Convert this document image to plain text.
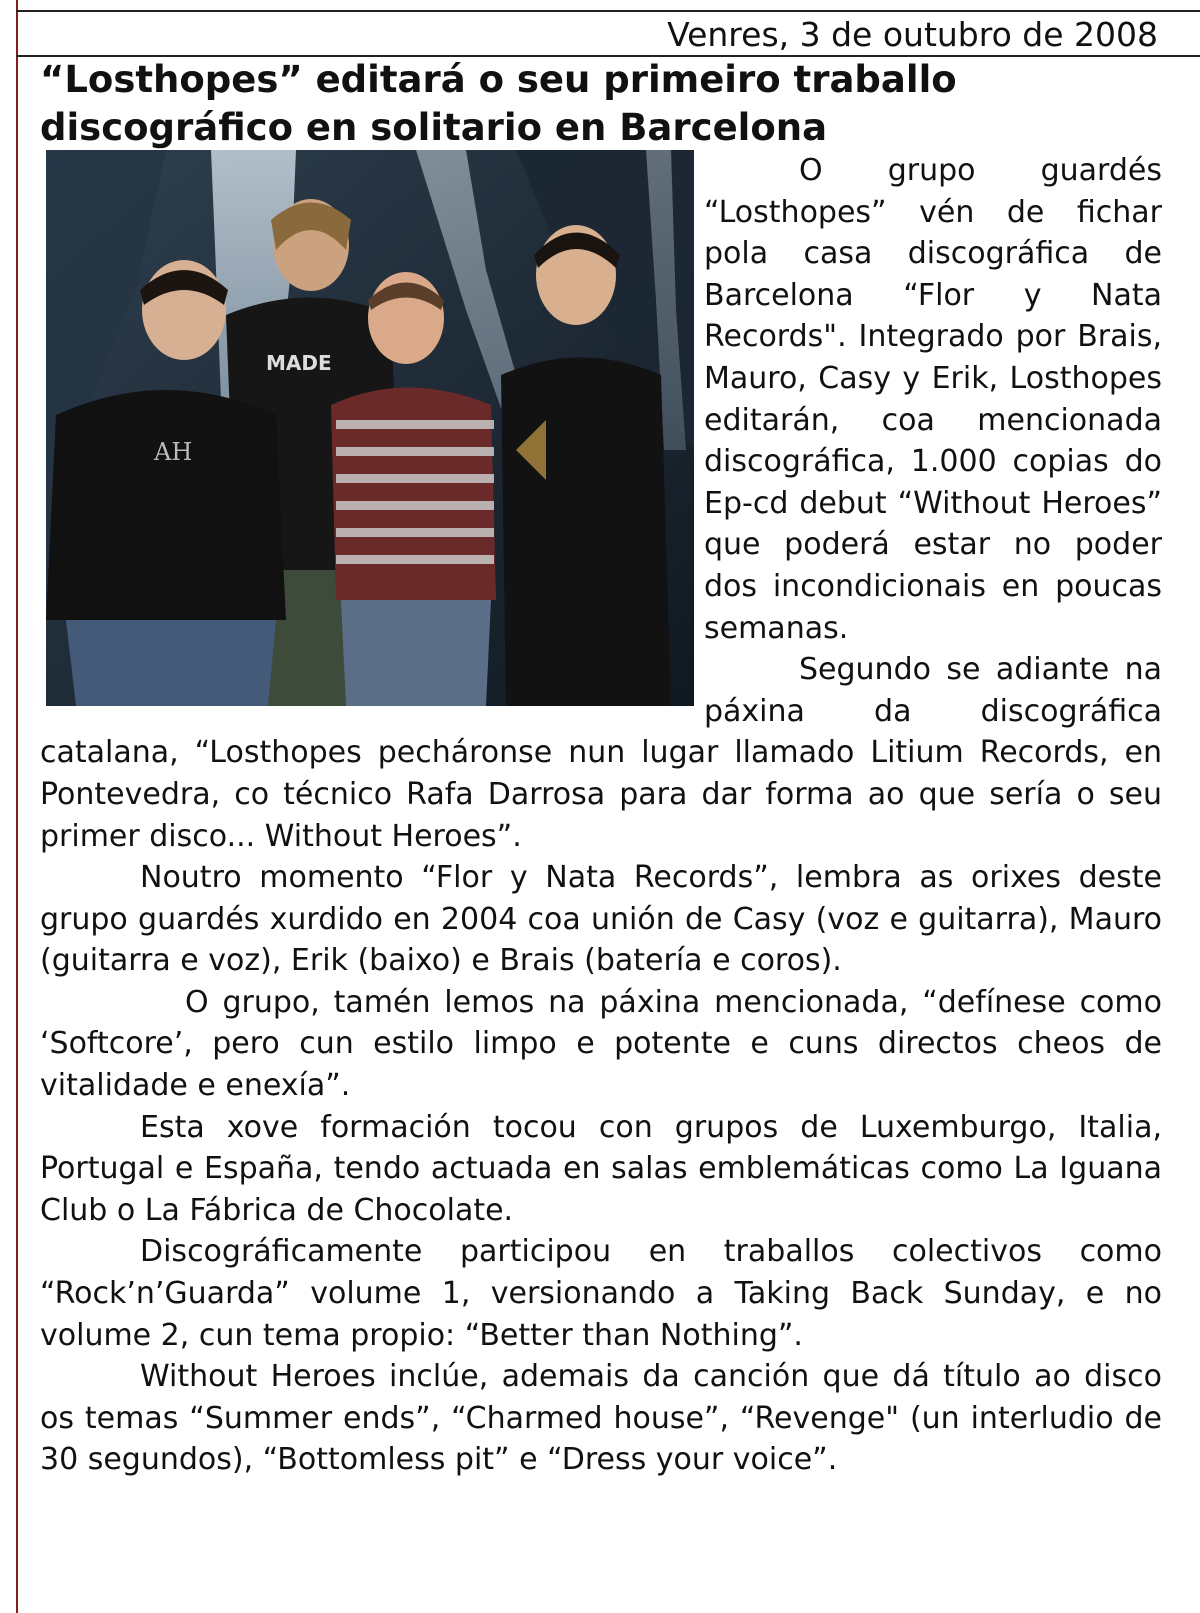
Venres, 3 de outubro de 2008
“Losthopes” editará o seu primeiro traballo discográfico en solitario en Barcelona
MADE
AH

O grupo guardés “Losthopes” vén de fichar pola casa discográfica de Barcelona “Flor y Nata Records". Integrado por Brais, Mauro, Casy y Erik, Losthopes editarán, coa mencionada discográfica, 1.000 copias do Ep-cd debut “Without Heroes” que poderá estar no poder dos incondicionais en poucas semanas.

Segundo se adiante na páxina da discográfica catalana, “Losthopes pecháronse nun lugar llamado Litium Records, en Pontevedra, co técnico Rafa Darrosa para dar forma ao que sería o seu primer disco... Without Heroes”.

Noutro momento “Flor y Nata Records”, lembra as orixes deste grupo guardés xurdido en 2004 coa unión de Casy (voz e guitarra), Mauro (guitarra e voz), Erik (baixo) e Brais (batería e coros).

O grupo, tamén lemos na páxina mencionada, “defínese como ‘Softcore’, pero cun estilo limpo e potente e cuns directos cheos de vitalidade e enexía”.

Esta xove formación tocou con grupos de Luxemburgo, Italia, Portugal e España, tendo actuada en salas emblemáticas como La Iguana Club o La Fábrica de Chocolate.

Discográficamente participou en traballos colectivos como “Rock’n’Guarda” volume 1, versionando a Taking Back Sunday, e no volume 2, cun tema propio: “Better than Nothing”.

Without Heroes inclúe, ademais da canción que dá título ao disco os temas “Summer ends”, “Charmed house”, “Revenge" (un interludio de 30 segundos), “Bottomless pit” e “Dress your voice”.
